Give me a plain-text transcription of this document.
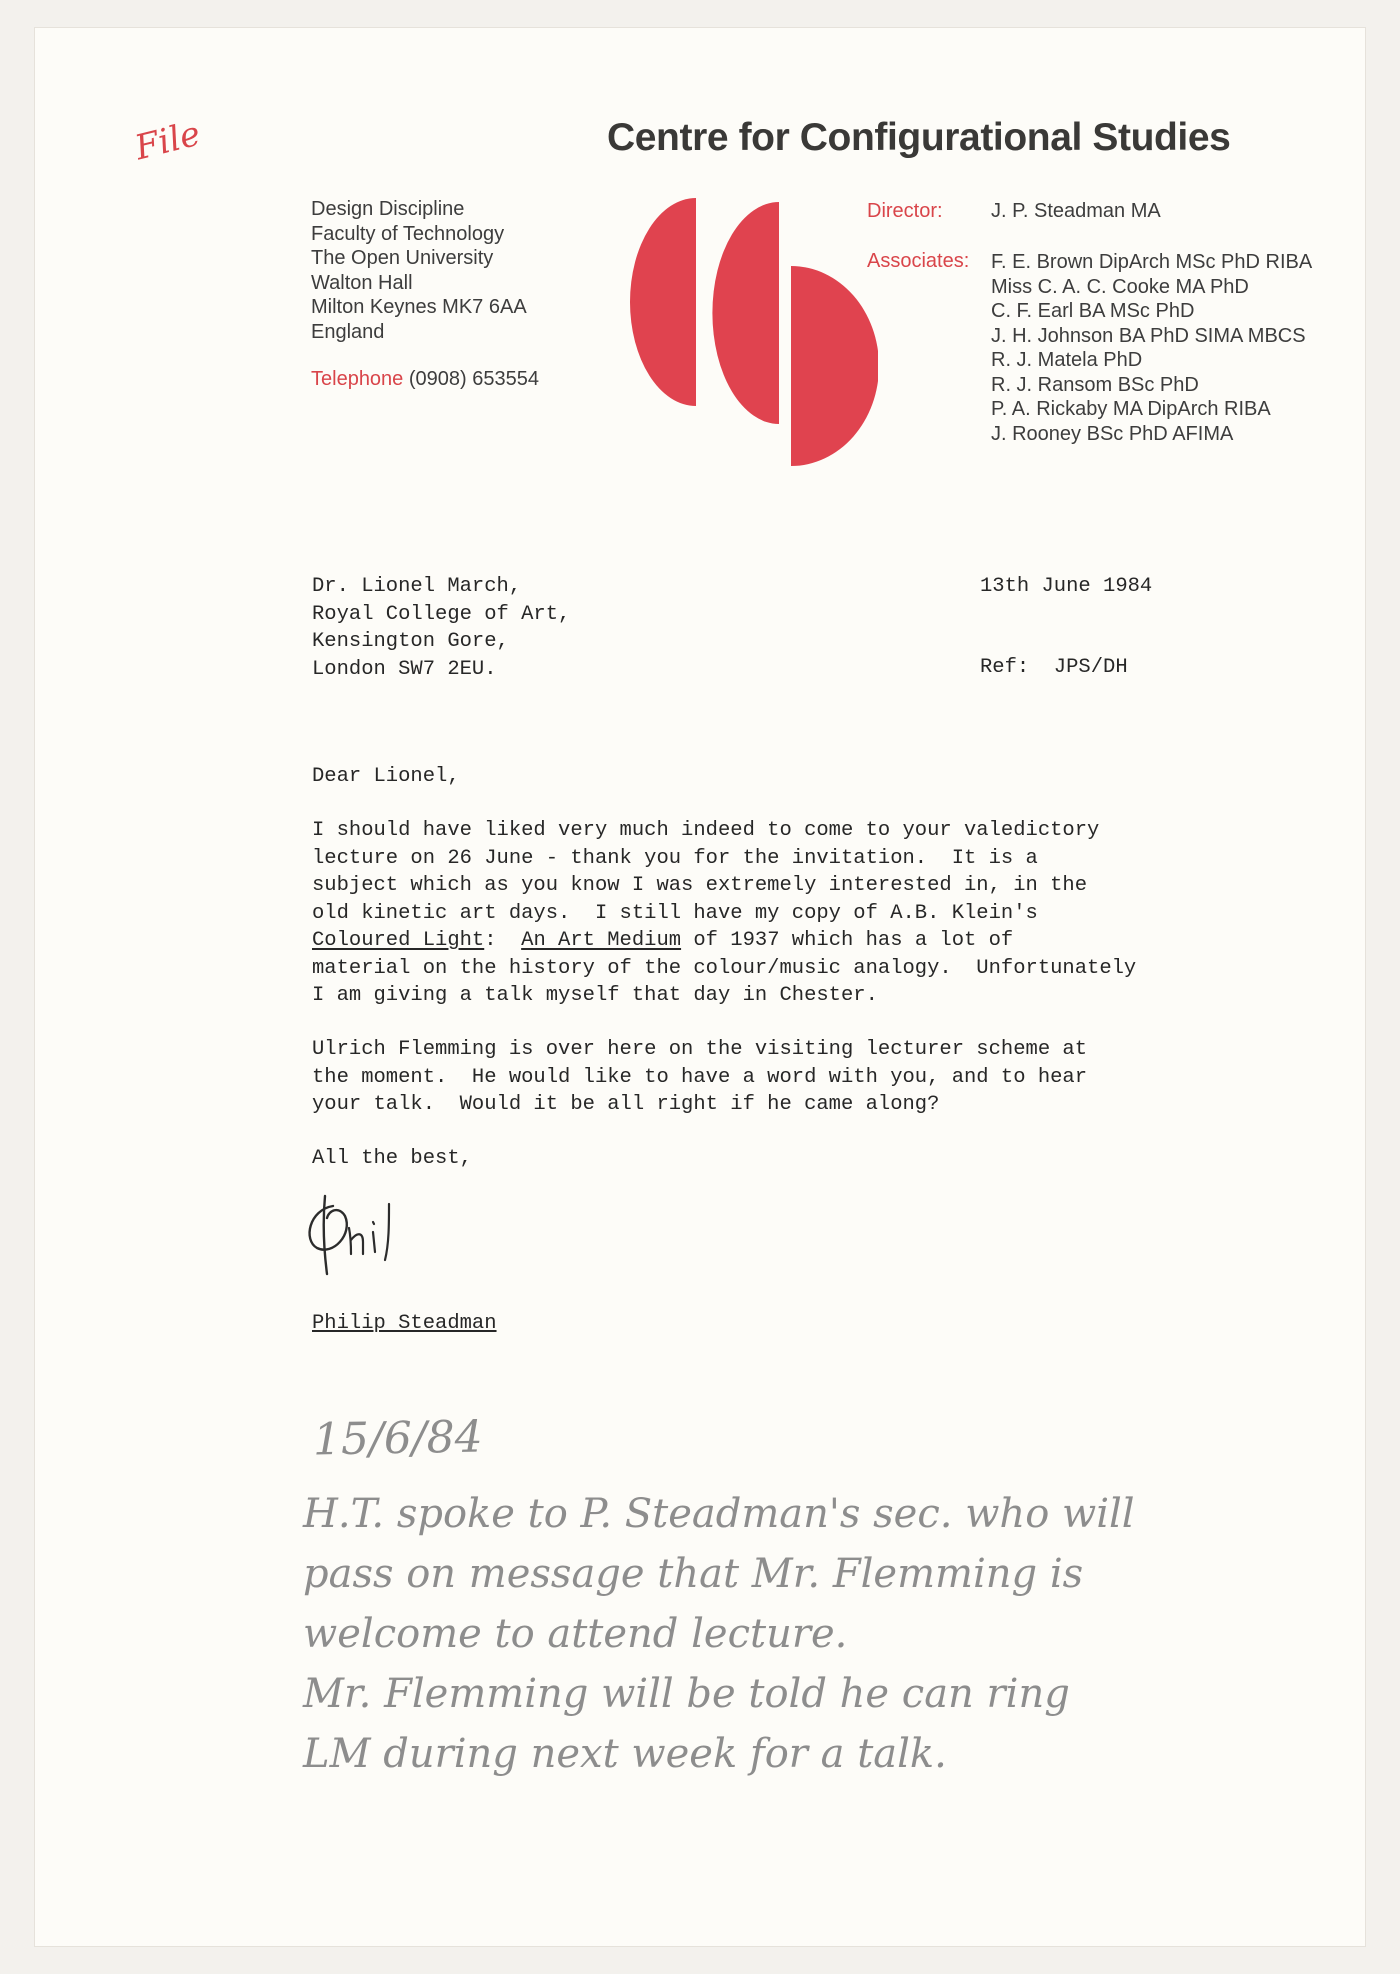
File	Centre for Configurational Studies
Design Discipline
Faculty of Technology
The Open University
Walton Hall
Milton Keynes MK7 6AA
England
Telephone (0908) 653554
Director: J. P. Steadman MA
Associates: F. E. Brown DipArch MSc PhD RIBA
Miss C. A. C. Cooke MA PhD
C. F. Earl BA MSc PhD
J. H. Johnson BA PhD SIMA MBCS
R. J. Matela PhD
R. J. Ransom BSc PhD
P. A. Rickaby MA DipArch RIBA
J. Rooney BSc PhD AFIMA
Dr. Lionel March,
Royal College of Art,
Kensington Gore,
London SW7 2EU.
13th June 1984
Ref:  JPS/DH
Dear Lionel,
I should have liked very much indeed to come to your valedictory
lecture on 26 June - thank you for the invitation.  It is a
subject which as you know I was extremely interested in, in the
old kinetic art days.  I still have my copy of A.B. Klein's
Coloured Light:  An Art Medium of 1937 which has a lot of
material on the history of the colour/music analogy.  Unfortunately
I am giving a talk myself that day in Chester.
Ulrich Flemming is over here on the visiting lecturer scheme at
the moment.  He would like to have a word with you, and to hear
your talk.  Would it be all right if he came along?
All the best,
Philip Steadman
15/6/84
H.T. spoke to P. Steadman's sec. who will
pass on message that Mr. Flemming is
welcome to attend lecture.
Mr. Flemming will be told he can ring
LM during next week for a talk.
